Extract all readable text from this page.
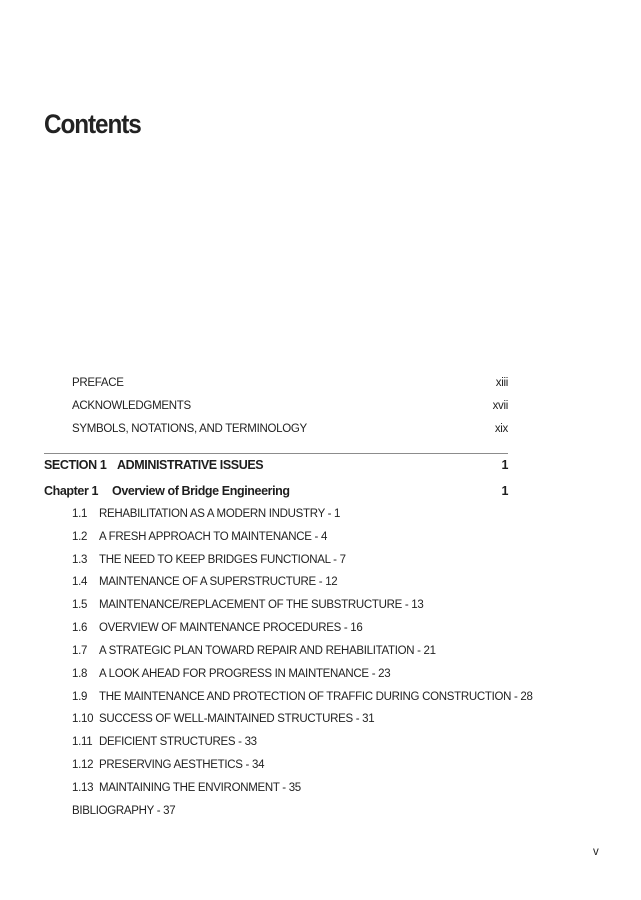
Contents
PREFACE	xiii
ACKNOWLEDGMENTS	xvii
SYMBOLS, NOTATIONS, AND TERMINOLOGY	xix
SECTION 1 ADMINISTRATIVE ISSUES	1
Chapter 1 Overview of Bridge Engineering	1
1.1 REHABILITATION AS A MODERN INDUSTRY - 1
1.2 A FRESH APPROACH TO MAINTENANCE - 4
1.3 THE NEED TO KEEP BRIDGES FUNCTIONAL - 7
1.4 MAINTENANCE OF A SUPERSTRUCTURE - 12
1.5 MAINTENANCE/REPLACEMENT OF THE SUBSTRUCTURE - 13
1.6 OVERVIEW OF MAINTENANCE PROCEDURES - 16
1.7 A STRATEGIC PLAN TOWARD REPAIR AND REHABILITATION - 21
1.8 A LOOK AHEAD FOR PROGRESS IN MAINTENANCE - 23
1.9 THE MAINTENANCE AND PROTECTION OF TRAFFIC DURING CONSTRUCTION - 28
1.10 SUCCESS OF WELL-MAINTAINED STRUCTURES - 31
1.11 DEFICIENT STRUCTURES - 33
1.12 PRESERVING AESTHETICS - 34
1.13 MAINTAINING THE ENVIRONMENT - 35
BIBLIOGRAPHY - 37
v
